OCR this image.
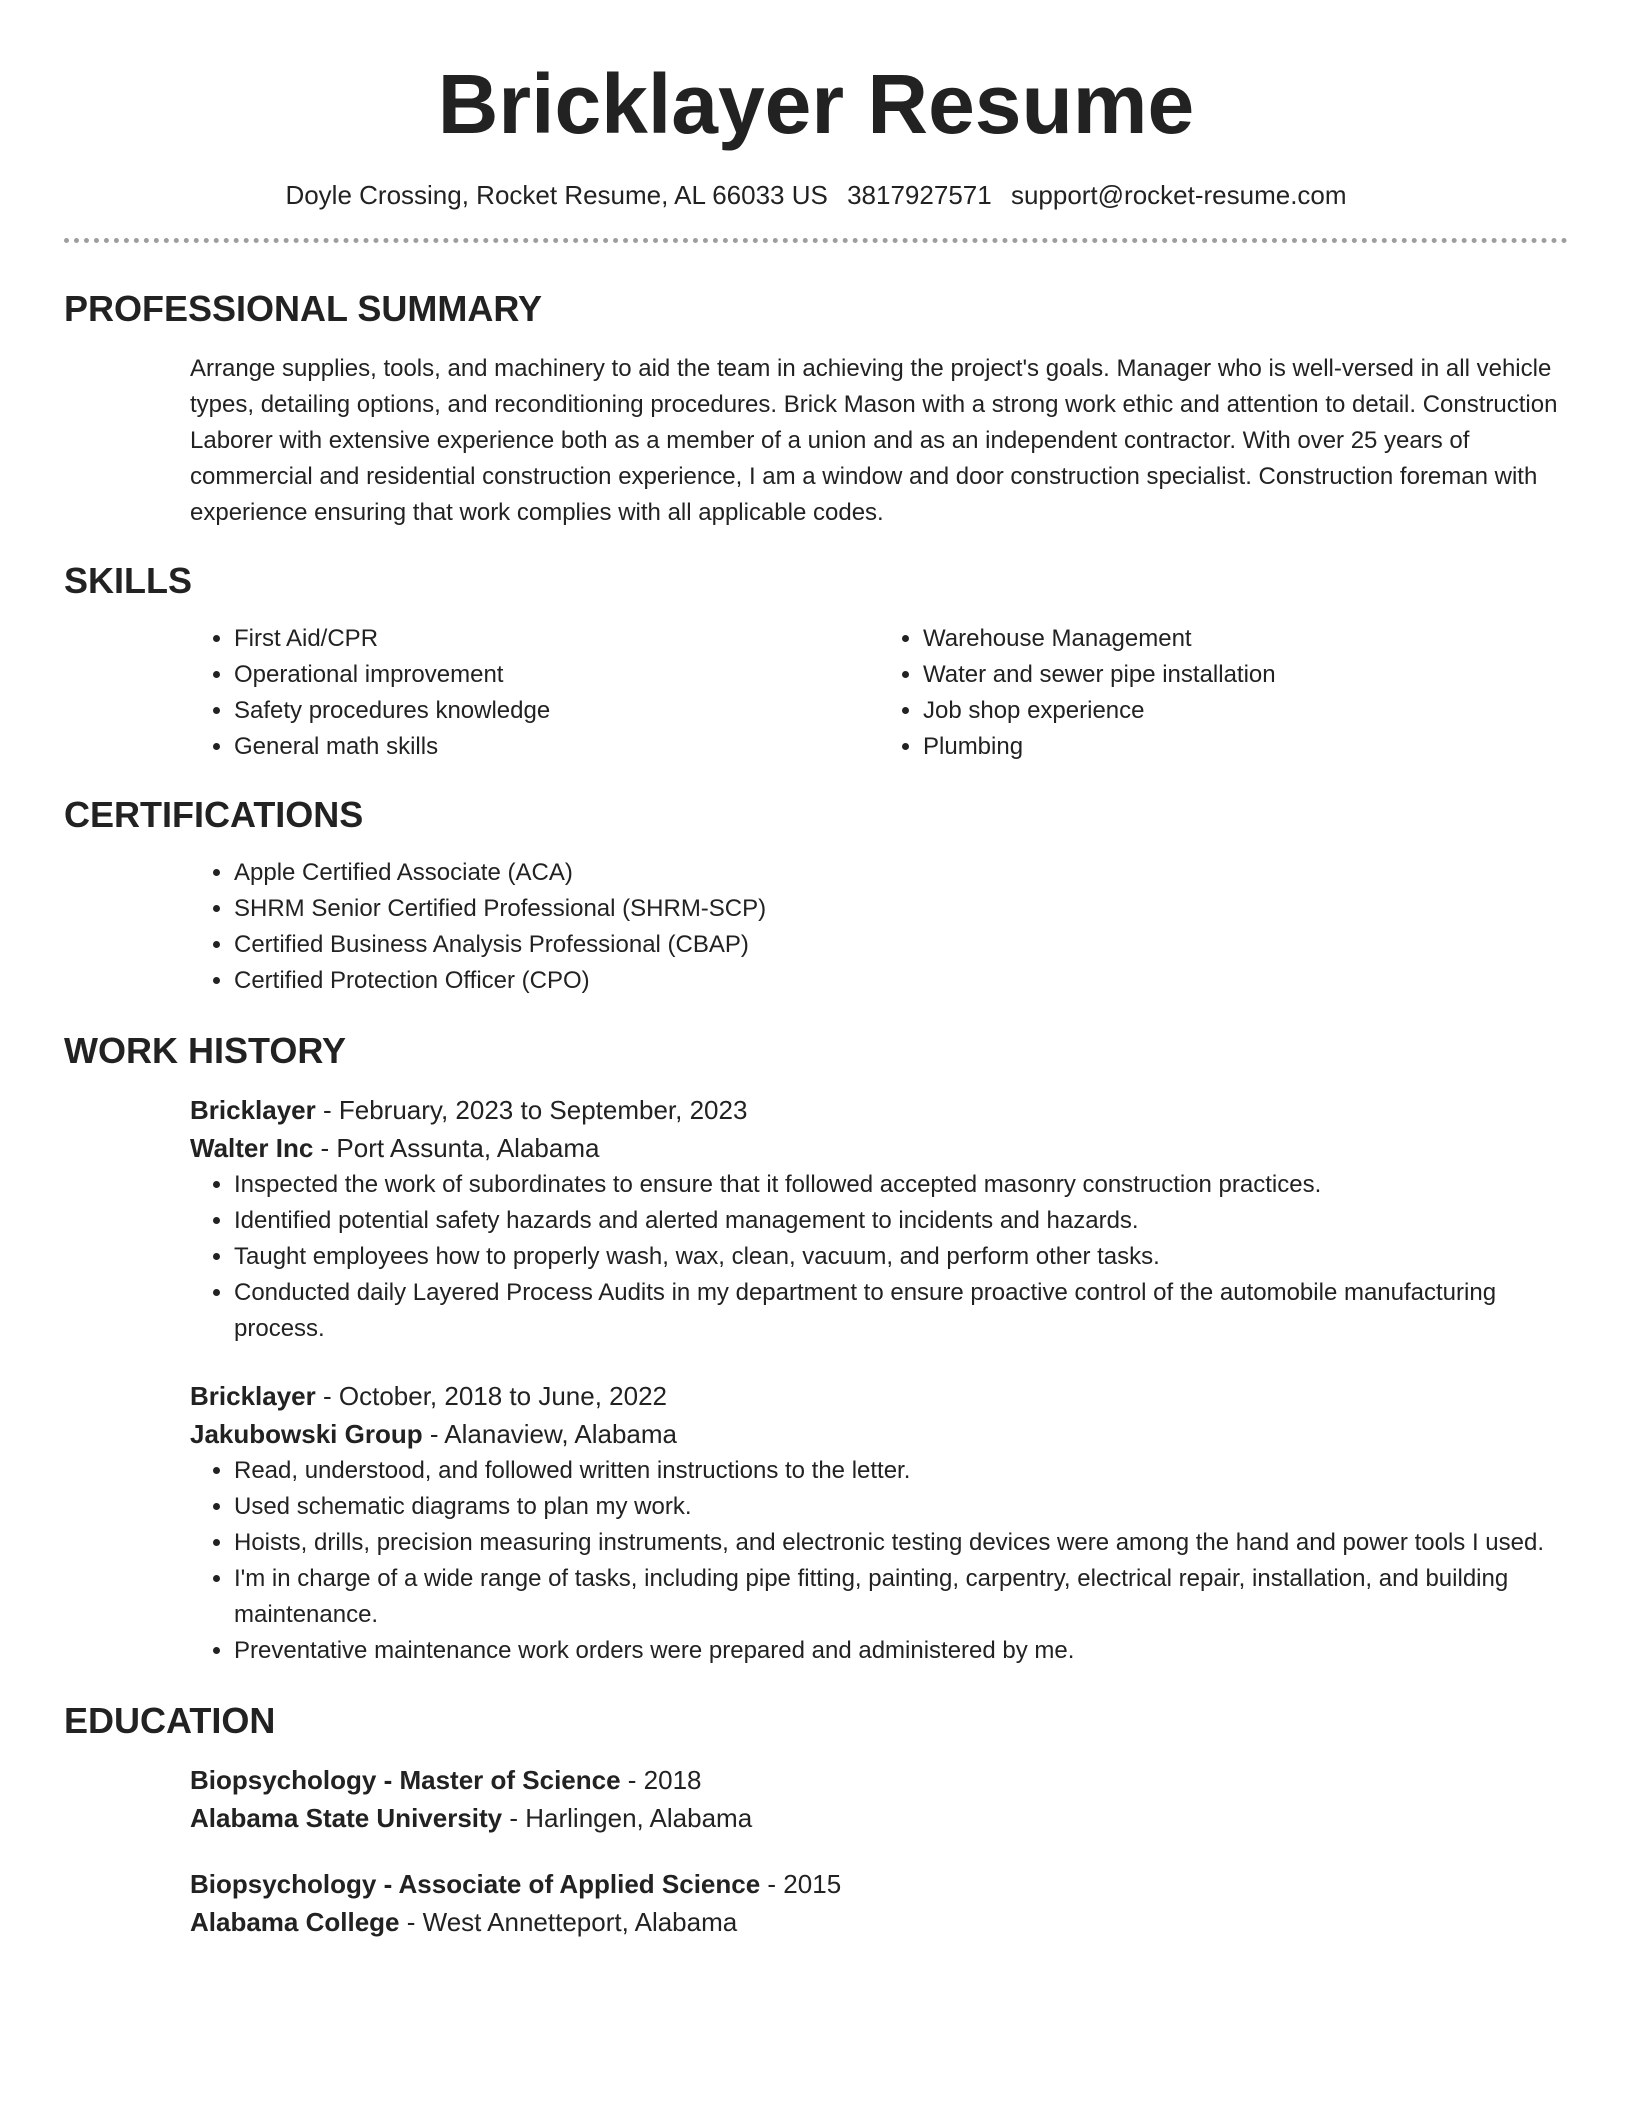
Bricklayer Resume
Doyle Crossing, Rocket Resume, AL 66033 US 3817927571 support@rocket-resume.com
PROFESSIONAL SUMMARY
Arrange supplies, tools, and machinery to aid the team in achieving the project's goals. Manager who is well-versed in all vehicle types, detailing options, and reconditioning procedures. Brick Mason with a strong work ethic and attention to detail. Construction Laborer with extensive experience both as a member of a union and as an independent contractor. With over 25 years of commercial and residential construction experience, I am a window and door construction specialist. Construction foreman with experience ensuring that work complies with all applicable codes.
SKILLS
• First Aid/CPR
• Operational improvement
• Safety procedures knowledge
• General math skills
• Warehouse Management
• Water and sewer pipe installation
• Job shop experience
• Plumbing
CERTIFICATIONS
• Apple Certified Associate (ACA)
• SHRM Senior Certified Professional (SHRM-SCP)
• Certified Business Analysis Professional (CBAP)
• Certified Protection Officer (CPO)
WORK HISTORY
Bricklayer - February, 2023 to September, 2023
Walter Inc - Port Assunta, Alabama
• Inspected the work of subordinates to ensure that it followed accepted masonry construction practices.
• Identified potential safety hazards and alerted management to incidents and hazards.
• Taught employees how to properly wash, wax, clean, vacuum, and perform other tasks.
• Conducted daily Layered Process Audits in my department to ensure proactive control of the automobile manufacturing process.
Bricklayer - October, 2018 to June, 2022
Jakubowski Group - Alanaview, Alabama
• Read, understood, and followed written instructions to the letter.
• Used schematic diagrams to plan my work.
• Hoists, drills, precision measuring instruments, and electronic testing devices were among the hand and power tools I used.
• I'm in charge of a wide range of tasks, including pipe fitting, painting, carpentry, electrical repair, installation, and building maintenance.
• Preventative maintenance work orders were prepared and administered by me.
EDUCATION
Biopsychology - Master of Science - 2018
Alabama State University - Harlingen, Alabama
Biopsychology - Associate of Applied Science - 2015
Alabama College - West Annetteport, Alabama
